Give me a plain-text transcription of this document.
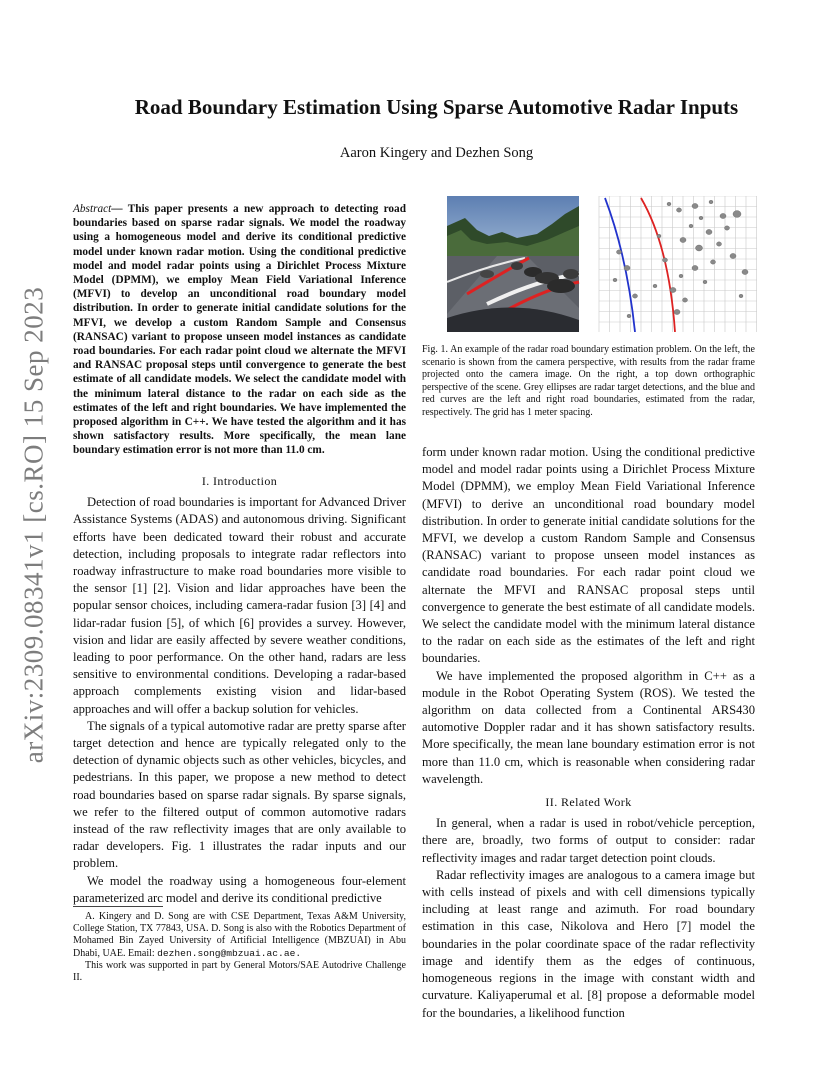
arXiv:2309.08341v1 [cs.RO] 15 Sep 2023
Road Boundary Estimation Using Sparse Automotive Radar Inputs
Aaron Kingery and Dezhen Song
Abstract— This paper presents a new approach to detecting road boundaries based on sparse radar signals. We model the roadway using a homogeneous model and derive its conditional predictive model under known radar motion. Using the conditional predictive model and model radar points using a Dirichlet Process Mixture Model (DPMM), we employ Mean Field Variational Inference (MFVI) to develop an unconditional road boundary model distribution. In order to generate initial candidate solutions for the MFVI, we develop a custom Random Sample and Consensus (RANSAC) variant to propose unseen model instances as candidate road boundaries. For each radar point cloud we alternate the MFVI and RANSAC proposal steps until convergence to generate the best estimate of all candidate models. We select the candidate model with the minimum lateral distance to the radar on each side as the estimates of the left and right boundaries. We have implemented the proposed algorithm in C++. We have tested the algorithm and it has shown satisfactory results. More specifically, the mean lane boundary estimation error is not more than 11.0 cm.
I. Introduction

Detection of road boundaries is important for Advanced Driver Assistance Systems (ADAS) and autonomous driving. Significant efforts have been dedicated toward their robust and accurate detection, including proposals to integrate radar reflectors into roadway infrastructure to make road boundaries more visible to the sensor [1] [2]. Vision and lidar approaches have been the popular sensor choices, including camera-radar fusion [3] [4] and lidar-radar fusion [5], of which [6] provides a survey. However, vision and lidar are easily affected by severe weather conditions, leading to poor performance. On the other hand, radars are less sensitive to environmental conditions. Developing a radar-based approach complements existing vision and lidar-based approaches and will offer a backup solution for vehicles.

The signals of a typical automotive radar are pretty sparse after target detection and hence are typically relegated only to the detection of dynamic objects such as other vehicles, bicycles, and pedestrians. In this paper, we propose a new method to detect road boundaries based on sparse radar signals. By sparse signals, we refer to the filtered output of common automotive radars instead of the raw reflectivity images that are only available to radar developers. Fig. 1 illustrates the radar inputs and our problem.

We model the roadway using a homogeneous four-element parameterized arc model and derive its conditional predictive

A. Kingery and D. Song are with CSE Department, Texas A&M University, College Station, TX 77843, USA. D. Song is also with the Robotics Department of Mohamed Bin Zayed University of Artificial Intelligence (MBZUAI) in Abu Dhabi, UAE. Email: dezhen.song@mbzuai.ac.ae.

This work was supported in part by General Motors/SAE Autodrive Challenge II.

Fig. 1. An example of the radar road boundary estimation problem. On the left, the scenario is shown from the camera perspective, with results from the radar frame projected onto the camera image. On the right, a top down orthographic perspective of the scene. Grey ellipses are radar target detections, and the blue and red curves are the left and right road boundaries, estimated from the radar, respectively. The grid has 1 meter spacing.

form under known radar motion. Using the conditional predictive model and model radar points using a Dirichlet Process Mixture Model (DPMM), we employ Mean Field Variational Inference (MFVI) to derive an unconditional road boundary model distribution. In order to generate initial candidate solutions for the MFVI, we develop a custom Random Sample and Consensus (RANSAC) variant to propose unseen model instances as candidate road boundaries. For each radar point cloud we alternate the MFVI and RANSAC proposal steps until convergence to generate the best estimate of all candidate models. We select the candidate model with the minimum lateral distance to the radar on each side as the estimates of the left and right boundaries.

We have implemented the proposed algorithm in C++ as a module in the Robot Operating System (ROS). We tested the algorithm on data collected from a Continental ARS430 automotive Doppler radar and it has shown satisfactory results. More specifically, the mean lane boundary estimation error is not more than 11.0 cm, which is reasonable when considering radar wavelength.

II. Related Work

In general, when a radar is used in robot/vehicle perception, there are, broadly, two forms of output to consider: radar reflectivity images and radar target detection point clouds.

Radar reflectivity images are analogous to a camera image but with cells instead of pixels and with cell dimensions typically including at least range and azimuth. For road boundary estimation in this case, Nikolova and Hero [7] model the boundaries in the polar coordinate space of the radar reflectivity image and identify them as the edges of continuous, homogeneous regions in the image with constant width and curvature. Kaliyaperumal et al. [8] propose a deformable model for the boundaries, a likelihood function
